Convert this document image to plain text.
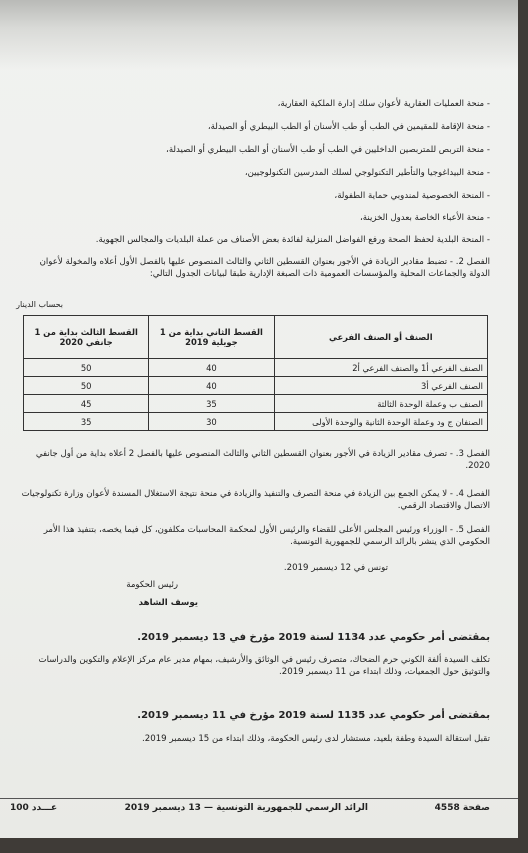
- منحة العمليات العقارية لأعوان سلك إدارة الملكية العقارية،
- منحة الإقامة للمقيمين في الطب أو طب الأسنان أو الطب البيطري أو الصيدلة،
- منحة التربص للمتربصين الداخليين في الطب أو طب الأسنان أو الطب البيطري أو الصيدلة،
- منحة البيداغوجيا والتأطير التكنولوجي لسلك المدرسين التكنولوجيين،
- المنحة الخصوصية لمندوبي حماية الطفولة،
- منحة الأعباء الخاصة بعدول الخزينة،
- المنحة البلدية لحفظ الصحة ورفع الفواضل المنزلية لفائدة بعض الأصناف من عملة البلديات والمجالس الجهوية.
الفصل 2. - تضبط مقادير الزيادة في الأجور بعنوان القسطين الثاني والثالث المنصوص عليها بالفصل الأول أعلاه والمخولة لأعوان الدولة والجماعات المحلية والمؤسسات العمومية ذات الصبغة الإدارية طبقا لبيانات الجدول التالي:
بحساب الدينار
الصنف أو الصنف الفرعي	القسط الثاني بداية من 1 جويلية 2019	القسط الثالث بداية من 1 جانفي 2020
الصنف الفرعي أ1 والصنف الفرعي أ2	40	50
الصنف الفرعي أ3	40	50
الصنف ب وعملة الوحدة الثالثة	35	45
الصنفان ج ود وعملة الوحدة الثانية والوحدة الأولى	30	35
الفصل 3. - تصرف مقادير الزيادة في الأجور بعنوان القسطين الثاني والثالث المنصوص عليها بالفصل 2 أعلاه بداية من أول جانفي 2020.
الفصل 4. - لا يمكن الجمع بين الزيادة في منحة التصرف والتنفيذ والزيادة في منحة نتيجة الاستغلال المسندة لأعوان وزارة تكنولوجيات الاتصال والاقتصاد الرقمي.
الفصل 5. - الوزراء ورئيس المجلس الأعلى للقضاء والرئيس الأول لمحكمة المحاسبات مكلفون، كل فيما يخصه، بتنفيذ هذا الأمر الحكومي الذي ينشر بالرائد الرسمي للجمهورية التونسية.
تونس في 12 ديسمبر 2019.
رئيس الحكومة
يوسف الشاهد
بمقتضى أمر حكومي عدد 1134 لسنة 2019 مؤرخ في 13 ديسمبر 2019.
تكلف السيدة ألفة الكوني حرم الضحاك، متصرف رئيس في الوثائق والأرشيف، بمهام مدير عام مركز الإعلام والتكوين والدراسات والتوثيق حول الجمعيات، وذلك ابتداء من 11 ديسمبر 2019.
بمقتضى أمر حكومي عدد 1135 لسنة 2019 مؤرخ في 11 ديسمبر 2019.
تقبل استقالة السيدة وطفة بلعيد، مستشار لدى رئيس الحكومة، وذلك ابتداء من 15 ديسمبر 2019.
صفحة 4558
الرائد الرسمي للجمهورية التونسية — 13 ديسمبر 2019
عـــدد 100
